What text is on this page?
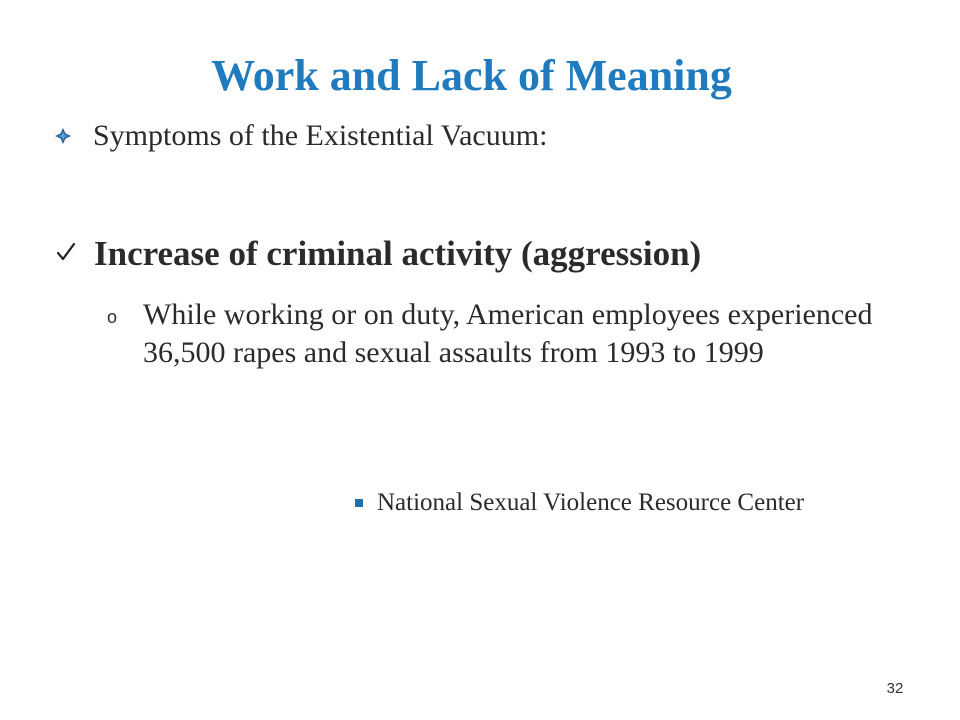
Work and Lack of Meaning
Symptoms of the Existential Vacuum:
Increase of criminal activity (aggression)
o While working or on duty, American employees experienced 36,500 rapes and sexual assaults from 1993 to 1999
National Sexual Violence Resource Center
32
